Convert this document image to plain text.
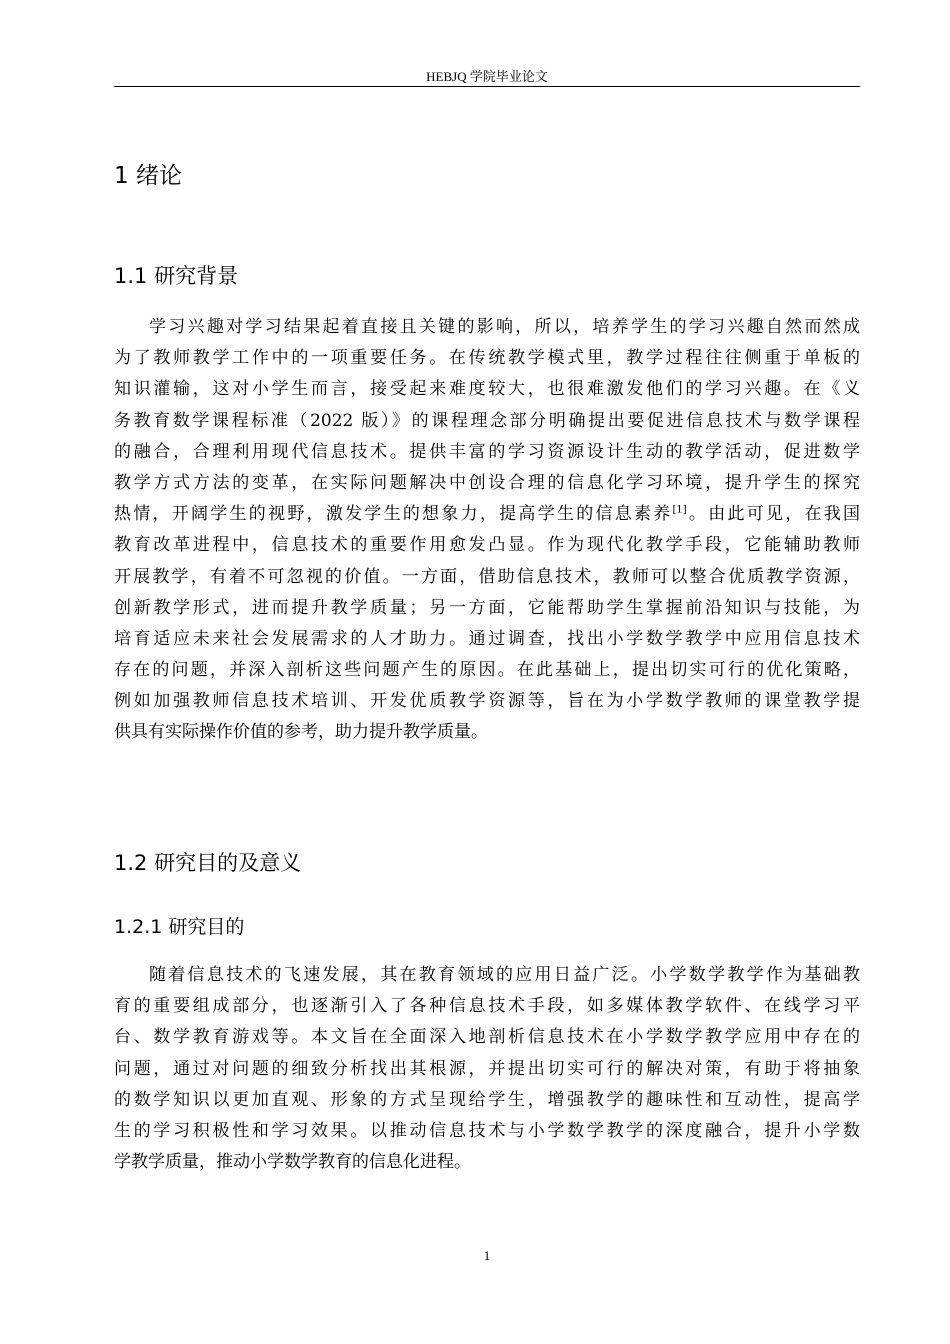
HEBJQ 学院毕业论文
1 绪论
1.1 研究背景
学习兴趣对学习结果起着直接且关键的影响，所以，培养学生的学习兴趣自然而然成
为了教师教学工作中的一项重要任务。在传统教学模式里，教学过程往往侧重于单板的
知识灌输，这对小学生而言，接受起来难度较大，也很难激发他们的学习兴趣。在《义
务教育数学课程标准（2022 版）》的课程理念部分明确提出要促进信息技术与数学课程
的融合，合理利用现代信息技术。提供丰富的学习资源设计生动的教学活动，促进数学
教学方式方法的变革，在实际问题解决中创设合理的信息化学习环境，提升学生的探究
热情，开阔学生的视野，激发学生的想象力，提高学生的信息素养[1]。由此可见，在我国
教育改革进程中，信息技术的重要作用愈发凸显。作为现代化教学手段，它能辅助教师
开展教学，有着不可忽视的价值。一方面，借助信息技术，教师可以整合优质教学资源，
创新教学形式，进而提升教学质量；另一方面，它能帮助学生掌握前沿知识与技能，为
培育适应未来社会发展需求的人才助力。通过调查，找出小学数学教学中应用信息技术
存在的问题，并深入剖析这些问题产生的原因。在此基础上，提出切实可行的优化策略，
例如加强教师信息技术培训、开发优质教学资源等，旨在为小学数学教师的课堂教学提
供具有实际操作价值的参考，助力提升教学质量。
1.2 研究目的及意义
1.2.1 研究目的
随着信息技术的飞速发展，其在教育领域的应用日益广泛。小学数学教学作为基础教
育的重要组成部分，也逐渐引入了各种信息技术手段，如多媒体教学软件、在线学习平
台、数学教育游戏等。本文旨在全面深入地剖析信息技术在小学数学教学应用中存在的
问题，通过对问题的细致分析找出其根源，并提出切实可行的解决对策，有助于将抽象
的数学知识以更加直观、形象的方式呈现给学生，增强教学的趣味性和互动性，提高学
生的学习积极性和学习效果。以推动信息技术与小学数学教学的深度融合，提升小学数
学教学质量，推动小学数学教育的信息化进程。
1
